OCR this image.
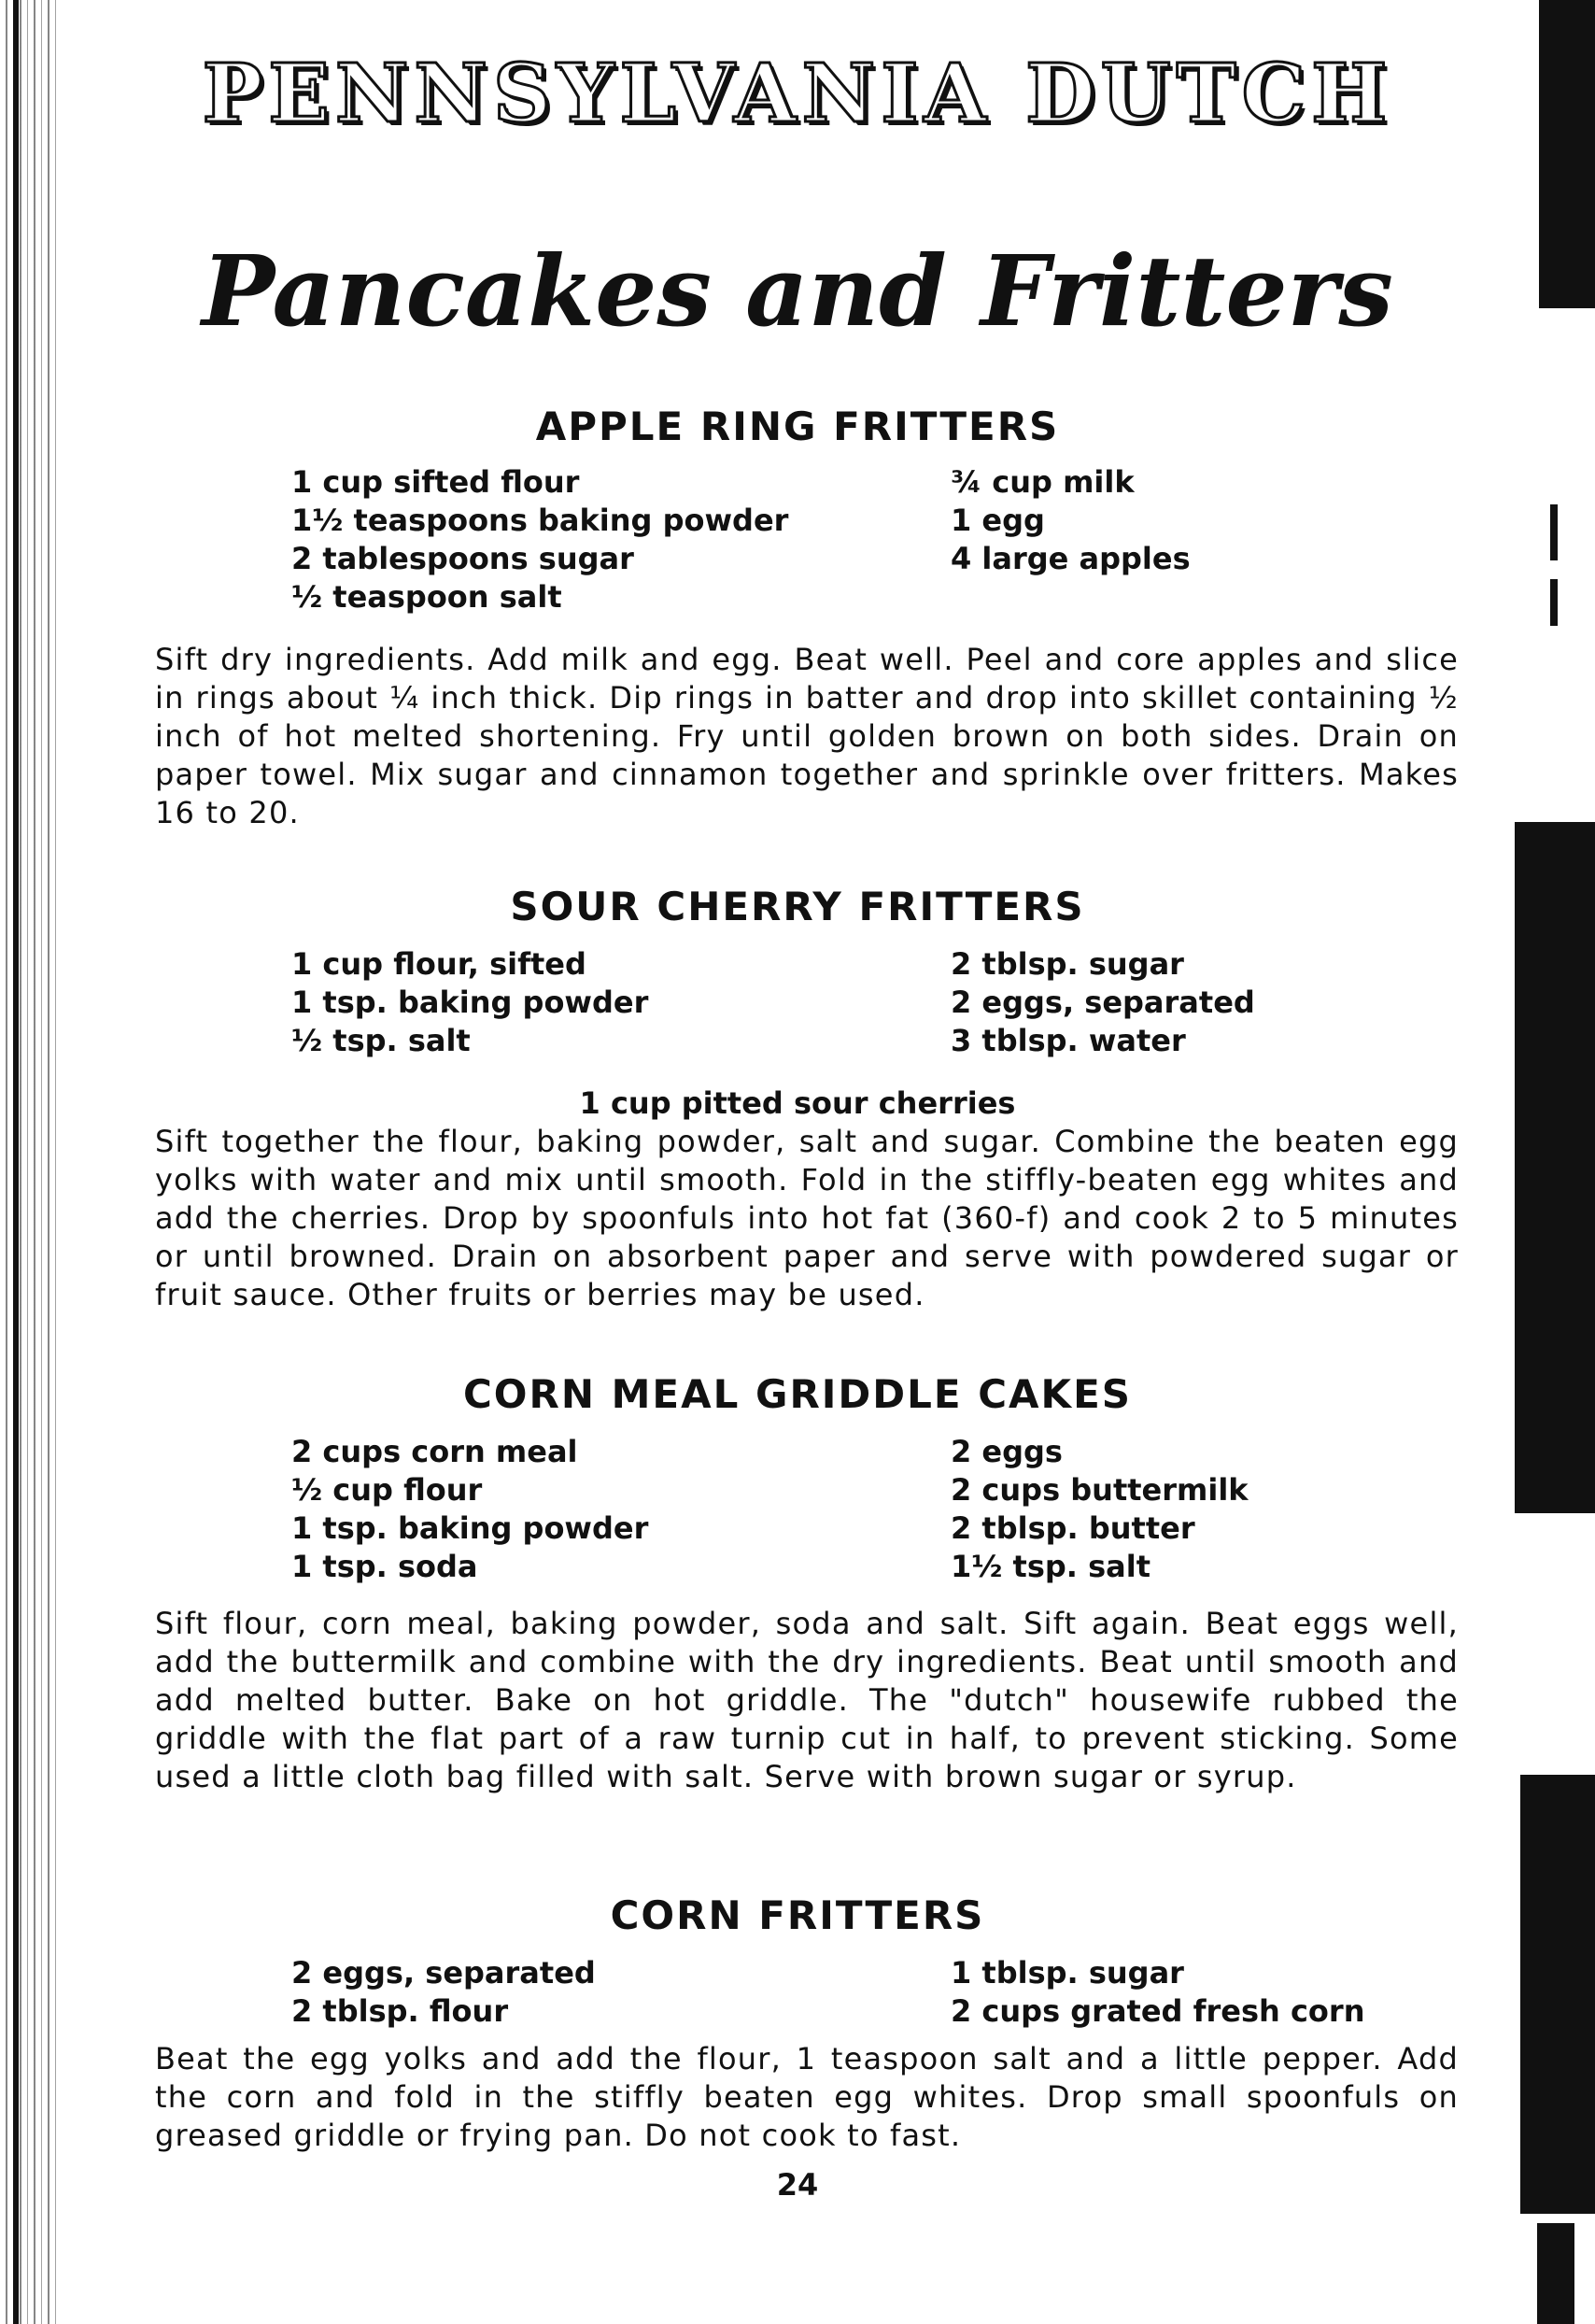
PENNSYLVANIA DUTCH
Pancakes and Fritters
APPLE RING FRITTERS
1 cup sifted flour
1½ teaspoons baking powder
2 tablespoons sugar
½ teaspoon salt
¾ cup milk
1 egg
4 large apples
Sift dry ingredients. Add milk and egg. Beat well. Peel and core apples and slice in rings about ¼ inch thick. Dip rings in batter and drop into skillet containing ½ inch of hot melted shortening. Fry until golden brown on both sides. Drain on paper towel. Mix sugar and cinnamon together and sprinkle over fritters. Makes 16 to 20.
SOUR CHERRY FRITTERS
1 cup flour, sifted
1 tsp. baking powder
½ tsp. salt
2 tblsp. sugar
2 eggs, separated
3 tblsp. water
1 cup pitted sour cherries
Sift together the flour, baking powder, salt and sugar. Combine the beaten egg yolks with water and mix until smooth. Fold in the stiffly-beaten egg whites and add the cherries. Drop by spoonfuls into hot fat (360-f) and cook 2 to 5 minutes or until browned. Drain on absorbent paper and serve with powdered sugar or fruit sauce. Other fruits or berries may be used.
CORN MEAL GRIDDLE CAKES
2 cups corn meal
½ cup flour
1 tsp. baking powder
1 tsp. soda
2 eggs
2 cups buttermilk
2 tblsp. butter
1½ tsp. salt
Sift flour, corn meal, baking powder, soda and salt. Sift again. Beat eggs well, add the buttermilk and combine with the dry ingredients. Beat until smooth and add melted butter. Bake on hot griddle. The "dutch" housewife rubbed the griddle with the flat part of a raw turnip cut in half, to prevent sticking. Some used a little cloth bag filled with salt. Serve with brown sugar or syrup.
CORN FRITTERS
2 eggs, separated
2 tblsp. flour
1 tblsp. sugar
2 cups grated fresh corn
Beat the egg yolks and add the flour, 1 teaspoon salt and a little pepper. Add the corn and fold in the stiffly beaten egg whites. Drop small spoonfuls on greased griddle or frying pan. Do not cook to fast.
24
